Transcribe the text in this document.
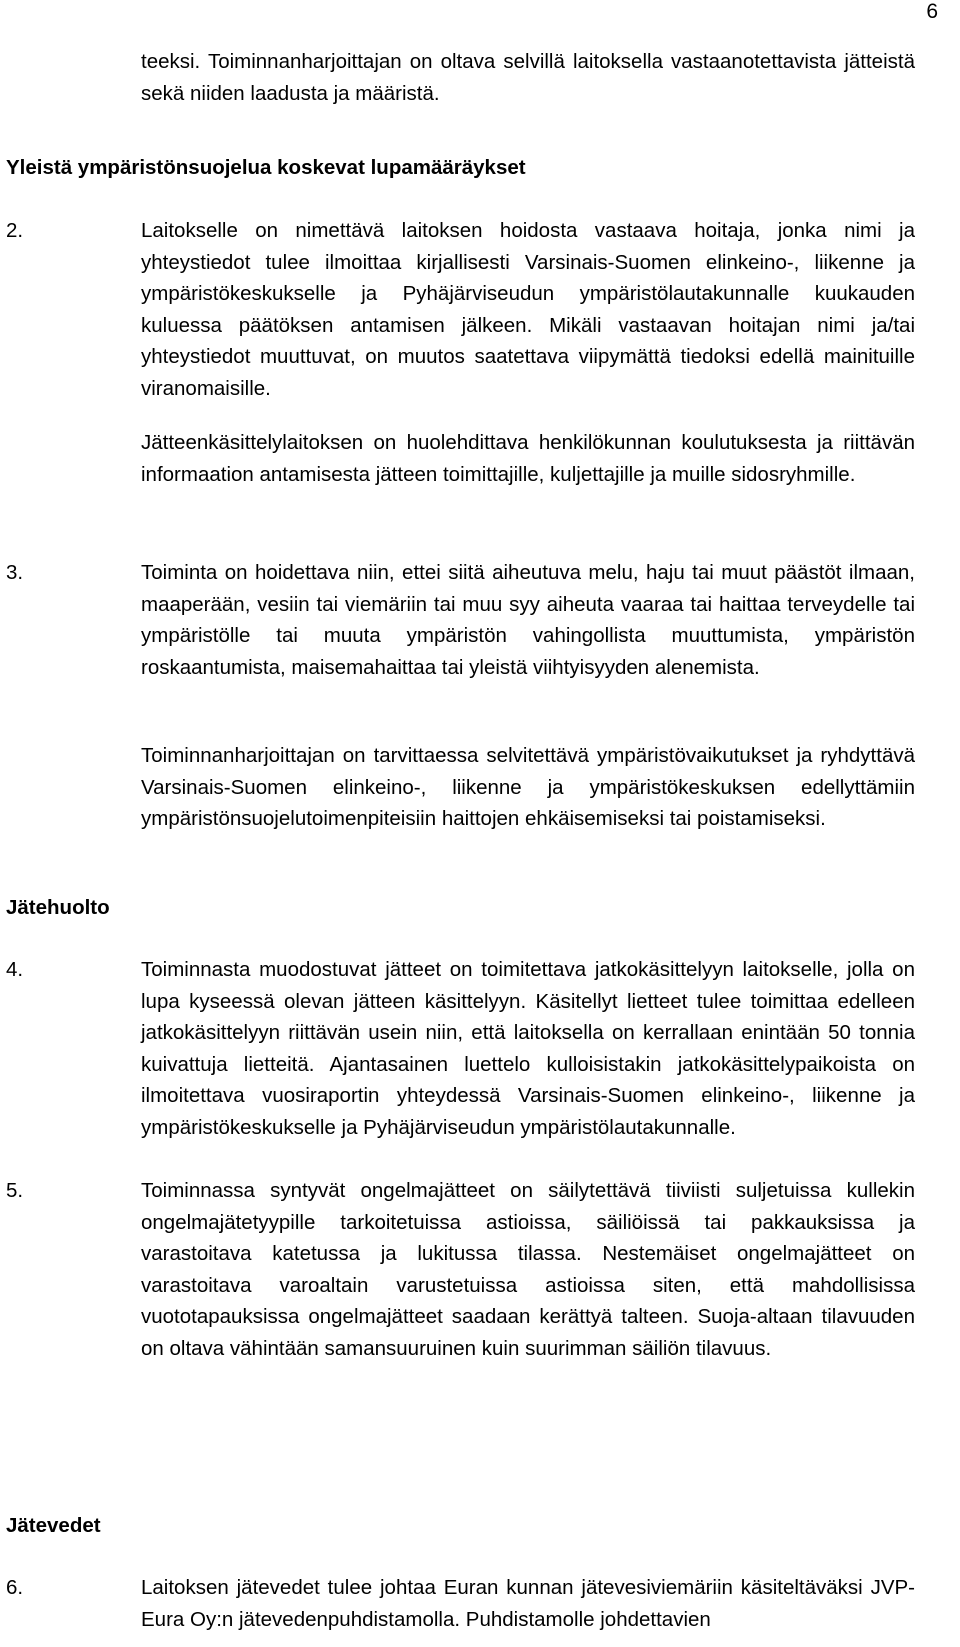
6

teeksi. Toiminnanharjoittajan on oltava selvillä laitoksella vastaanotettavista jätteistä sekä niiden laadusta ja määristä.

Yleistä ympäristönsuojelua koskevat lupamääräykset
2.	Laitokselle on nimettävä laitoksen hoidosta vastaava hoitaja, jonka nimi ja yhteystiedot tulee ilmoittaa kirjallisesti Varsinais-Suomen elinkeino-, liikenne ja ympäristökeskukselle ja Pyhäjärviseudun ympäristölautakunnalle kuukauden kuluessa päätöksen antamisen jälkeen. Mikäli vastaavan hoitajan nimi ja/tai yhteystiedot muuttuvat, on muutos saatettava viipymättä tiedoksi edellä mainituille viranomaisille.

Jätteenkäsittelylaitoksen on huolehdittava henkilökunnan koulutuksesta ja riittävän informaation antamisesta jätteen toimittajille, kuljettajille ja muille sidosryhmille.

3.	Toiminta on hoidettava niin, ettei siitä aiheutuva melu, haju tai muut päästöt ilmaan, maaperään, vesiin tai viemäriin tai muu syy aiheuta vaaraa tai haittaa terveydelle tai ympäristölle tai muuta ympäristön vahingollista muuttumista, ympäristön roskaantumista, maisemahaittaa tai yleistä viihtyisyyden alenemista.

Toiminnanharjoittajan on tarvittaessa selvitettävä ympäristövaikutukset ja ryhdyttävä Varsinais-Suomen elinkeino-, liikenne ja ympäristökeskuksen edellyttämiin ympäristönsuojelutoimenpiteisiin haittojen ehkäisemiseksi tai poistamiseksi.

Jätehuolto
4.	Toiminnasta muodostuvat jätteet on toimitettava jatkokäsittelyyn laitokselle, jolla on lupa kyseessä olevan jätteen käsittelyyn. Käsitellyt lietteet tulee toimittaa edelleen jatkokäsittelyyn riittävän usein niin, että laitoksella on kerrallaan enintään 50 tonnia kuivattuja lietteitä. Ajantasainen luettelo kulloisistakin jatkokäsittelypaikoista on ilmoitettava vuosiraportin yhteydessä Varsinais-Suomen elinkeino-, liikenne ja ympäristökeskukselle ja Pyhäjärviseudun ympäristölautakunnalle.

5.	Toiminnassa syntyvät ongelmajätteet on säilytettävä tiiviisti suljetuissa kullekin ongelmajätetyypille tarkoitetuissa astioissa, säiliöissä tai pakkauksissa ja varastoitava katetussa ja lukitussa tilassa. Nestemäiset ongelmajätteet on varastoitava varoaltain varustetuissa astioissa siten, että mahdollisissa vuototapauksissa ongelmajätteet saadaan kerättyä talteen. Suoja-altaan tilavuuden on oltava vähintään samansuuruinen kuin suurimman säiliön tilavuus.

Jätevedet
6.	Laitoksen jätevedet tulee johtaa Euran kunnan jätevesiviemäriin käsiteltäväksi JVP-Eura Oy:n jätevedenpuhdistamolla. Puhdistamolle johdettavien
